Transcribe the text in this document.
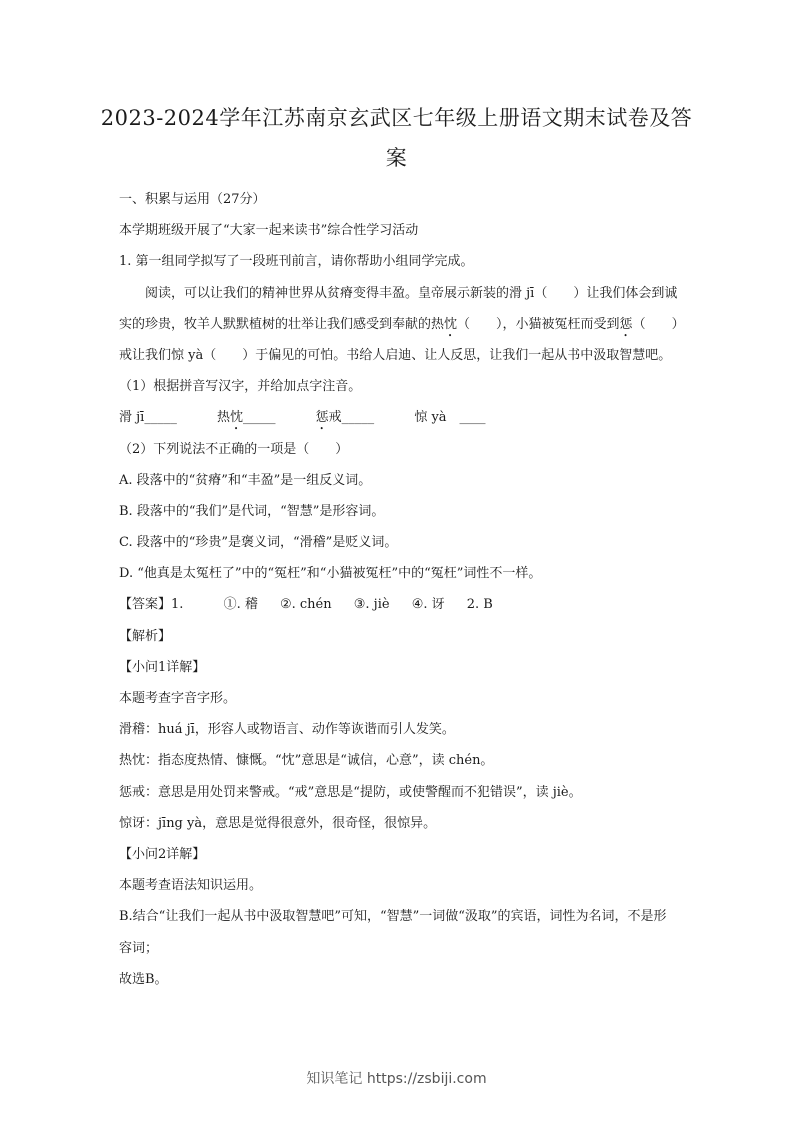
2023-2024学年江苏南京玄武区七年级上册语文期末试卷及答案
一、积累与运用（27分）
本学期班级开展了“大家一起来读书”综合性学习活动
1. 第一组同学拟写了一段班刊前言，请你帮助小组同学完成。

阅读，可以让我们的精神世界从贫瘠变得丰盈。皇帝展示新装的滑 jī（　　）让我们体会到诚实的珍贵，牧羊人默默植树的壮举让我们感受到奉献的热忱（　　），小猫被冤枉而受到惩（　　）戒让我们惊 yà（　　）于偏见的可怕。书给人启迪、让人反思，让我们一起从书中汲取智慧吧。

（1）根据拼音写汉字，并给加点字注音。
滑 jī_____	热忱_____	惩戒_____	惊 yà　____
（2）下列说法不正确的一项是（　　）
A. 段落中的“贫瘠”和“丰盈”是一组反义词。
B. 段落中的“我们”是代词，“智慧”是形容词。
C. 段落中的“珍贵”是褒义词，“滑稽”是贬义词。
D. “他真是太冤枉了”中的“冤枉”和“小猫被冤枉”中的“冤枉”词性不一样。
【答案】1.	①. 稽 ②. chén ③. jiè ④. 讶 2. B
【解析】
【小问1详解】
本题考查字音字形。
滑稽：huá jī，形容人或物语言、动作等诙谐而引人发笑。
热忱：指态度热情、慷慨。“忱”意思是“诚信，心意”，读 chén。
惩戒：意思是用处罚来警戒。“戒”意思是“提防，或使警醒而不犯错误”，读 jiè。
惊讶：jīng yà，意思是觉得很意外，很奇怪，很惊异。
【小问2详解】
本题考查语法知识运用。
B.结合“让我们一起从书中汲取智慧吧”可知，“智慧”一词做“汲取”的宾语，词性为名词，不是形容词；
故选B。
知识笔记 https://zsbiji.com
